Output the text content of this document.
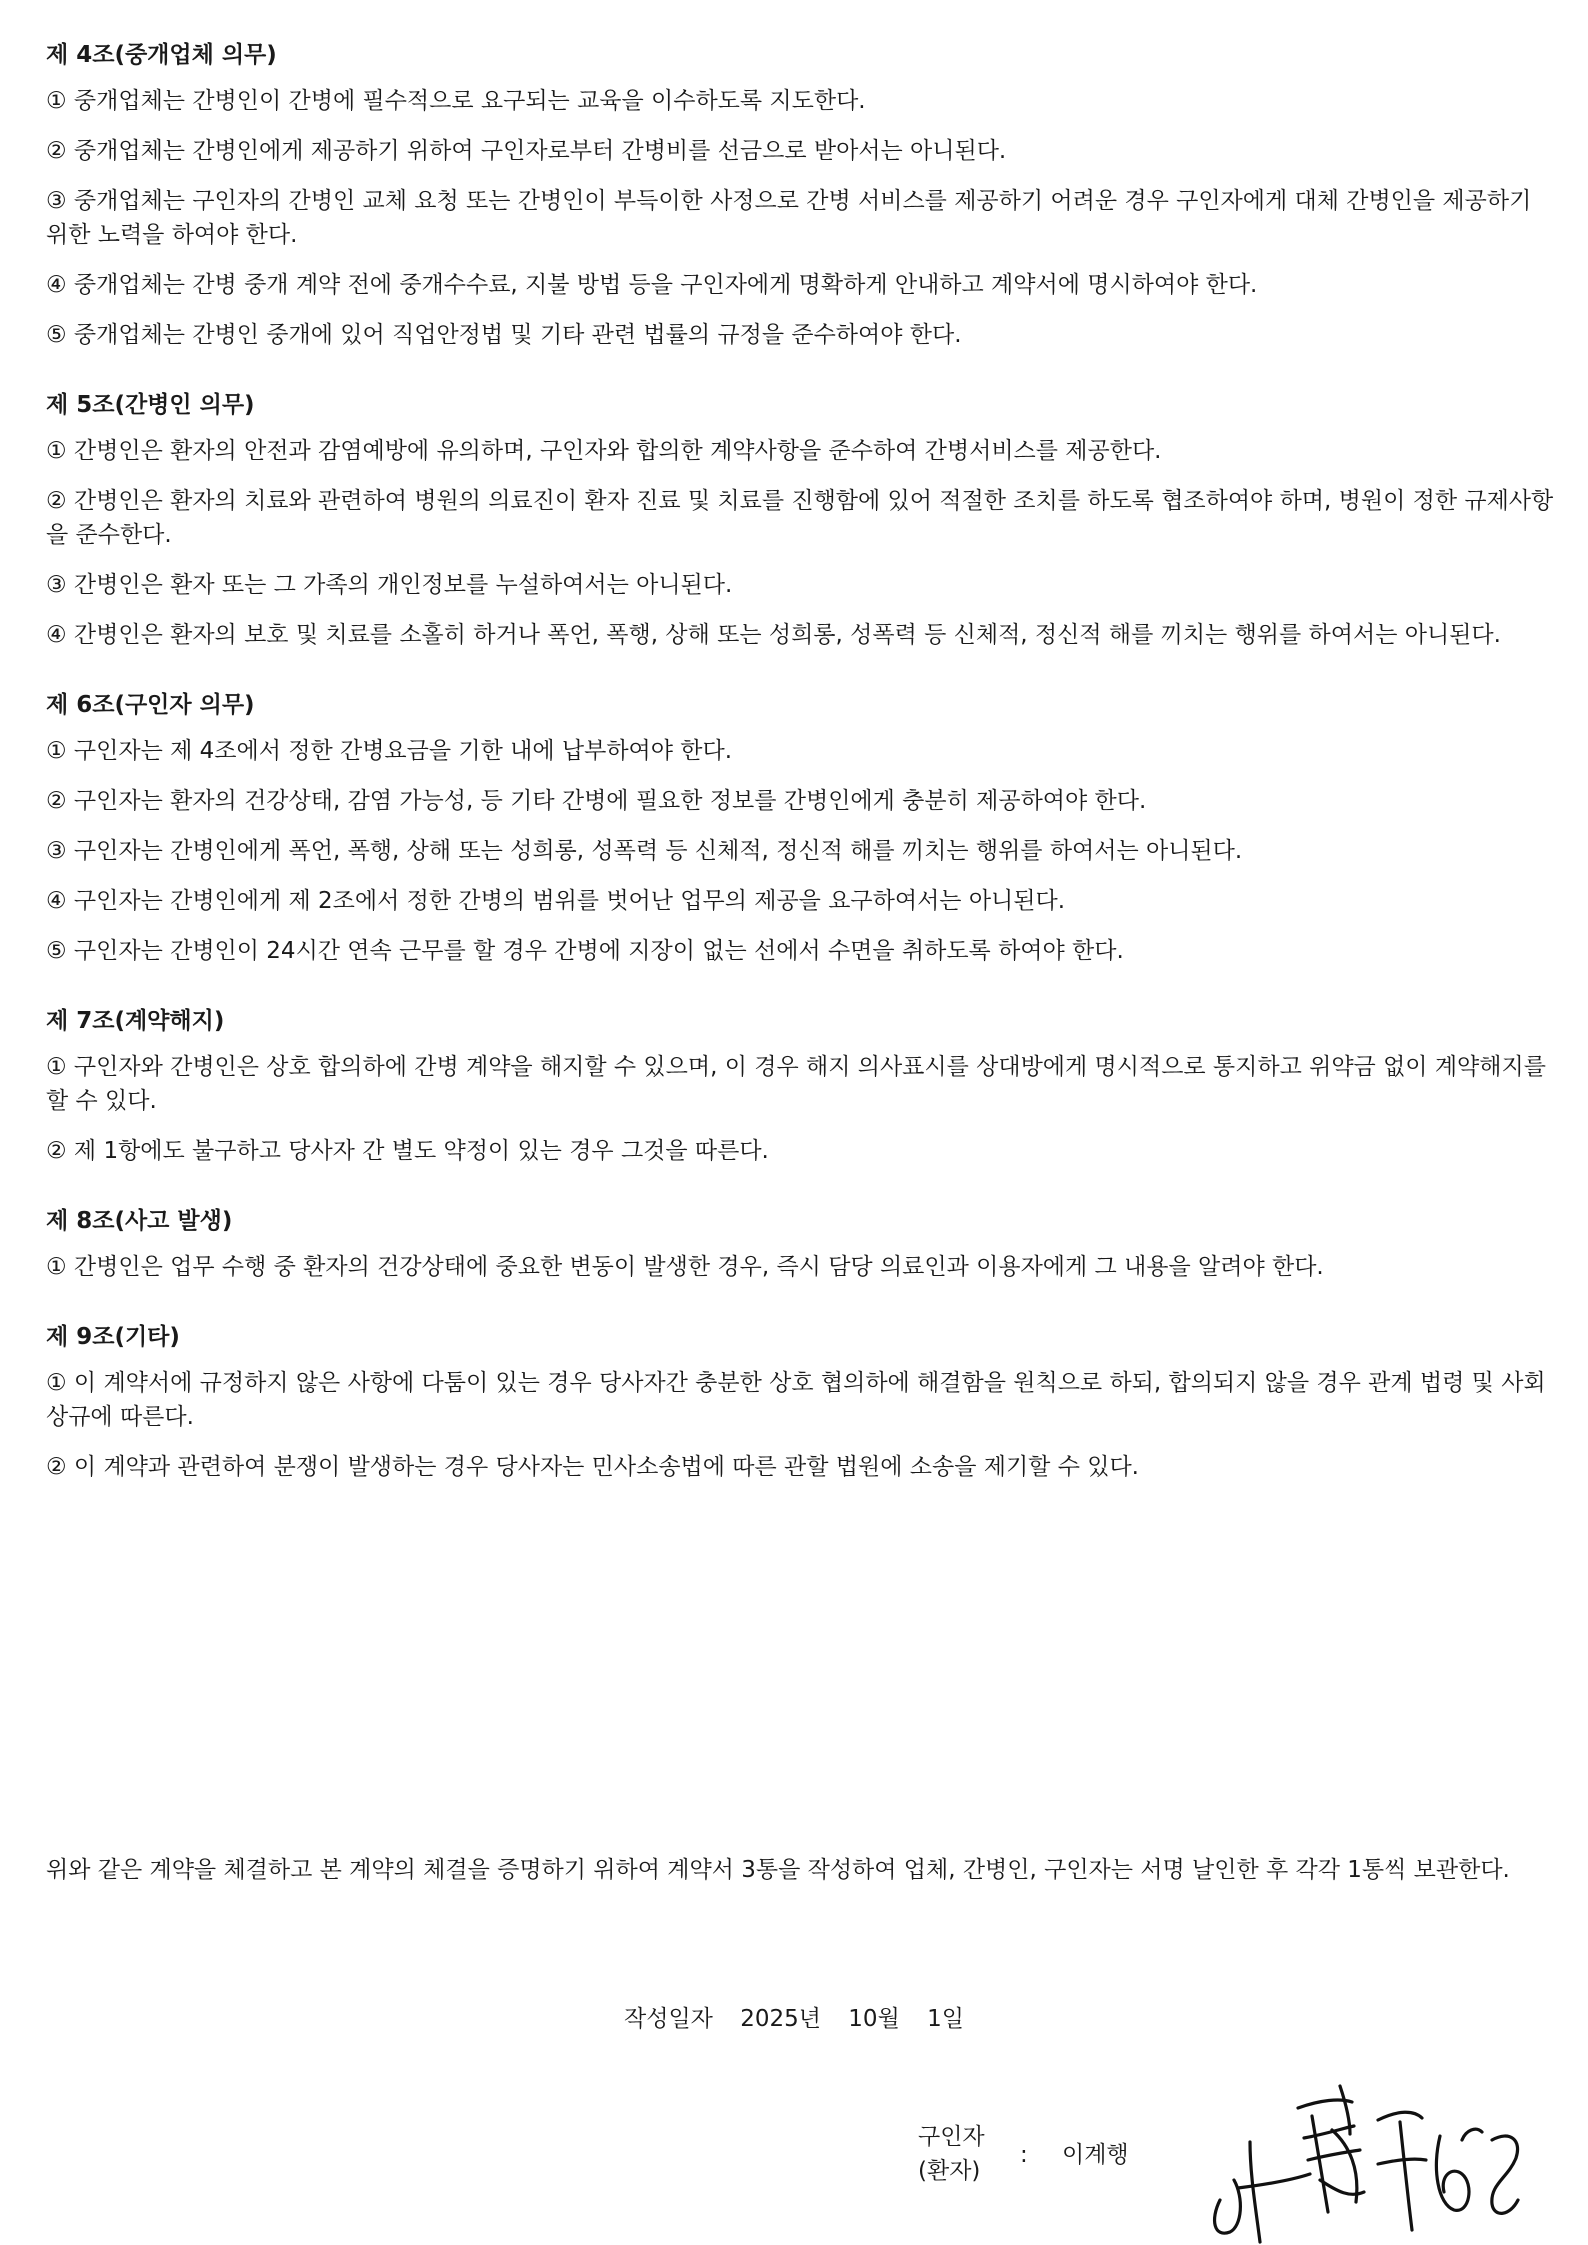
제 4조(중개업체 의무)
① 중개업체는 간병인이 간병에 필수적으로 요구되는 교육을 이수하도록 지도한다.
② 중개업체는 간병인에게 제공하기 위하여 구인자로부터 간병비를 선금으로 받아서는 아니된다.
③ 중개업체는 구인자의 간병인 교체 요청 또는 간병인이 부득이한 사정으로 간병 서비스를 제공하기 어려운 경우 구인자에게 대체 간병인을 제공하기 위한 노력을 하여야 한다.
④ 중개업체는 간병 중개 계약 전에 중개수수료, 지불 방법 등을 구인자에게 명확하게 안내하고 계약서에 명시하여야 한다.
⑤ 중개업체는 간병인 중개에 있어 직업안정법 및 기타 관련 법률의 규정을 준수하여야 한다.
제 5조(간병인 의무)
① 간병인은 환자의 안전과 감염예방에 유의하며, 구인자와 합의한 계약사항을 준수하여 간병서비스를 제공한다.
② 간병인은 환자의 치료와 관련하여 병원의 의료진이 환자 진료 및 치료를 진행함에 있어 적절한 조치를 하도록 협조하여야 하며, 병원이 정한 규제사항을 준수한다.
③ 간병인은 환자 또는 그 가족의 개인정보를 누설하여서는 아니된다.
④ 간병인은 환자의 보호 및 치료를 소홀히 하거나 폭언, 폭행, 상해 또는 성희롱, 성폭력 등 신체적, 정신적 해를 끼치는 행위를 하여서는 아니된다.
제 6조(구인자 의무)
① 구인자는 제 4조에서 정한 간병요금을 기한 내에 납부하여야 한다.
② 구인자는 환자의 건강상태, 감염 가능성, 등 기타 간병에 필요한 정보를 간병인에게 충분히 제공하여야 한다.
③ 구인자는 간병인에게 폭언, 폭행, 상해 또는 성희롱, 성폭력 등 신체적, 정신적 해를 끼치는 행위를 하여서는 아니된다.
④ 구인자는 간병인에게 제 2조에서 정한 간병의 범위를 벗어난 업무의 제공을 요구하여서는 아니된다.
⑤ 구인자는 간병인이 24시간 연속 근무를 할 경우 간병에 지장이 없는 선에서 수면을 취하도록 하여야 한다.
제 7조(계약해지)
① 구인자와 간병인은 상호 합의하에 간병 계약을 해지할 수 있으며, 이 경우 해지 의사표시를 상대방에게 명시적으로 통지하고 위약금 없이 계약해지를 할 수 있다.
② 제 1항에도 불구하고 당사자 간 별도 약정이 있는 경우 그것을 따른다.
제 8조(사고 발생)
① 간병인은 업무 수행 중 환자의 건강상태에 중요한 변동이 발생한 경우, 즉시 담당 의료인과 이용자에게 그 내용을 알려야 한다.
제 9조(기타)
① 이 계약서에 규정하지 않은 사항에 다툼이 있는 경우 당사자간 충분한 상호 협의하에 해결함을 원칙으로 하되, 합의되지 않을 경우 관계 법령 및 사회상규에 따른다.
② 이 계약과 관련하여 분쟁이 발생하는 경우 당사자는 민사소송법에 따른 관할 법원에 소송을 제기할 수 있다.
위와 같은 계약을 체결하고 본 계약의 체결을 증명하기 위하여 계약서 3통을 작성하여 업체, 간병인, 구인자는 서명 날인한 후 각각 1통씩 보관한다.
작성일자 2025년 10월 1일
구인자
(환자)
: 이계행
